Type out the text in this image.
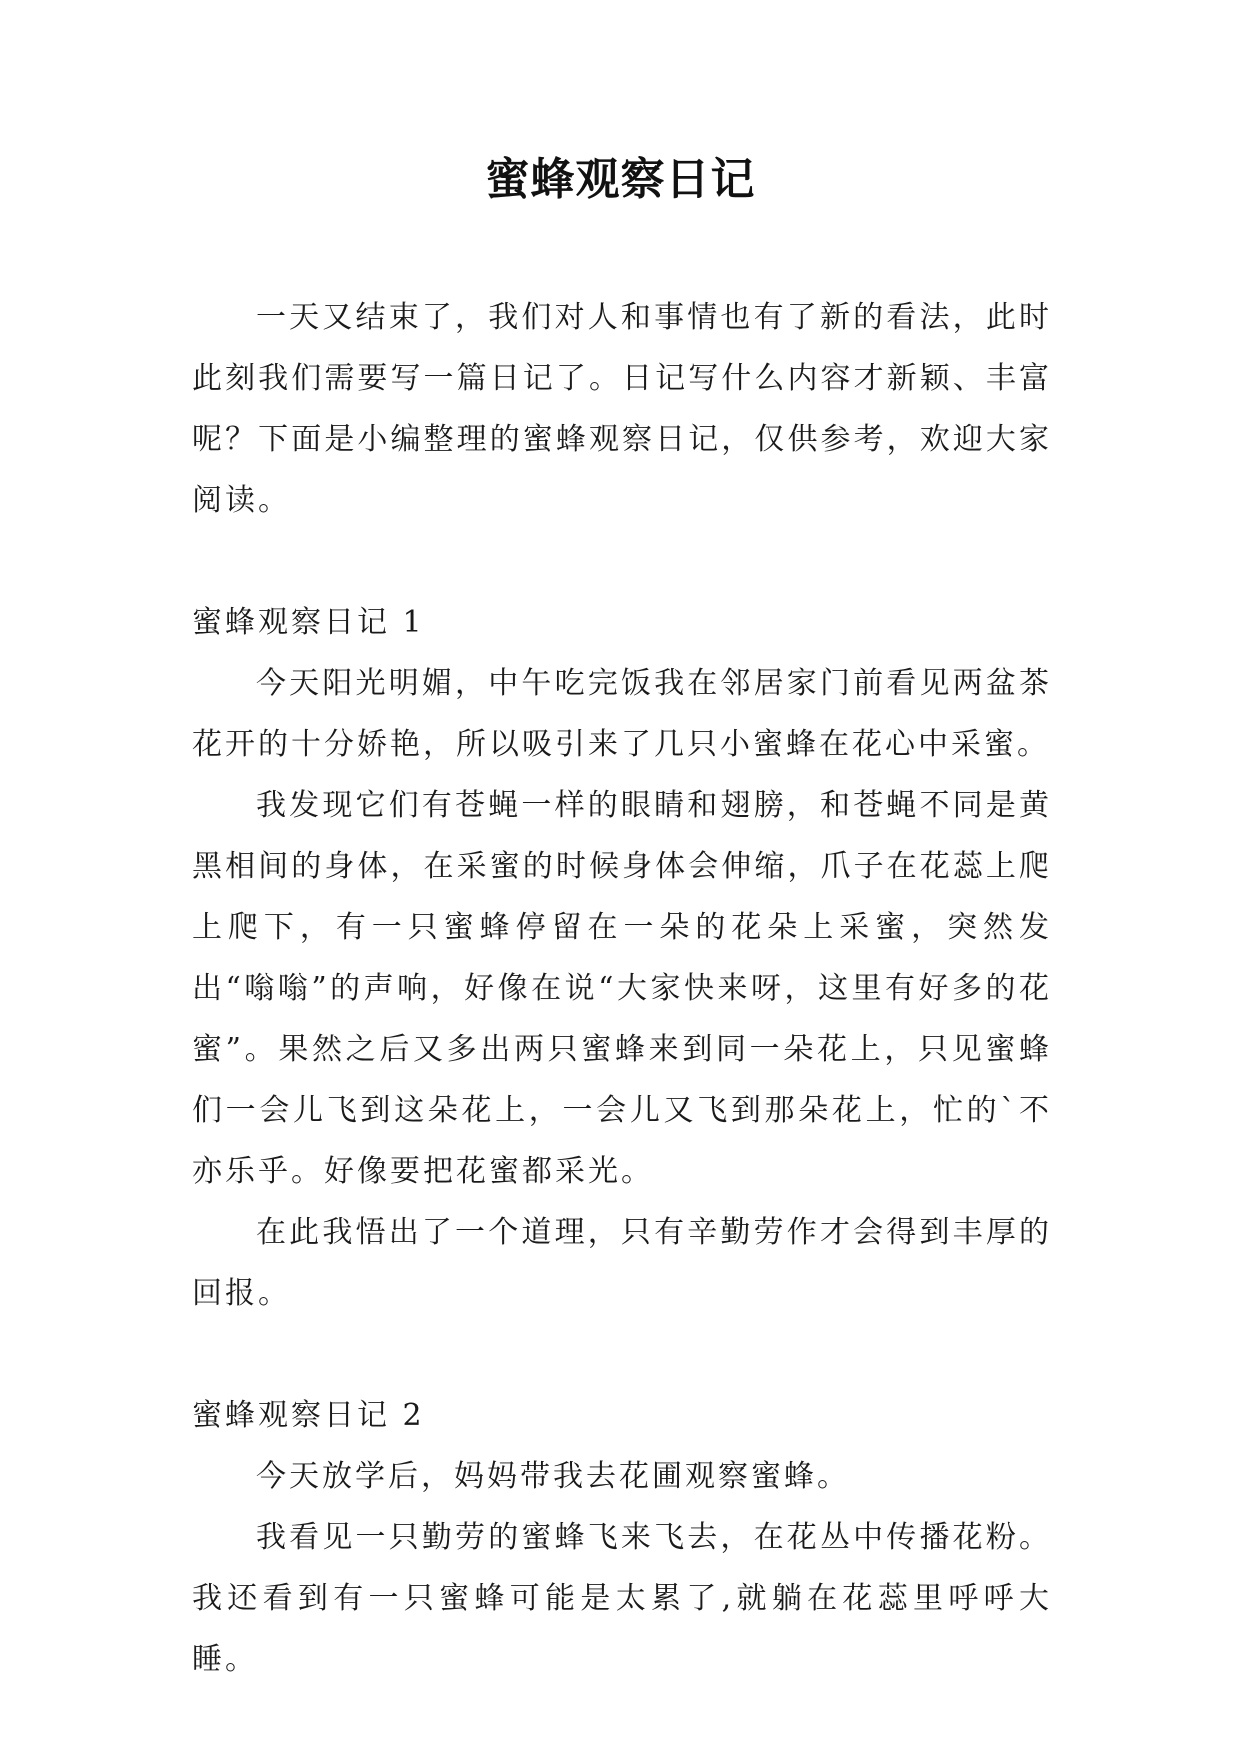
蜜蜂观察日记

一天又结束了，我们对人和事情也有了新的看法，此时此刻我们需要写一篇日记了。日记写什么内容才新颖、丰富呢？下面是小编整理的蜜蜂观察日记，仅供参考，欢迎大家阅读。

蜜蜂观察日记 1

今天阳光明媚，中午吃完饭我在邻居家门前看见两盆茶花开的十分娇艳，所以吸引来了几只小蜜蜂在花心中采蜜。

我发现它们有苍蝇一样的眼睛和翅膀，和苍蝇不同是黄黑相间的身体，在采蜜的时候身体会伸缩，爪子在花蕊上爬上爬下，有一只蜜蜂停留在一朵的花朵上采蜜，突然发出“嗡嗡”的声响，好像在说“大家快来呀，这里有好多的花蜜”。果然之后又多出两只蜜蜂来到同一朵花上，只见蜜蜂们一会儿飞到这朵花上，一会儿又飞到那朵花上，忙的`不亦乐乎。好像要把花蜜都采光。

在此我悟出了一个道理，只有辛勤劳作才会得到丰厚的回报。

蜜蜂观察日记 2

今天放学后，妈妈带我去花圃观察蜜蜂。

我看见一只勤劳的蜜蜂飞来飞去，在花丛中传播花粉。我还看到有一只蜜蜂可能是太累了,就躺在花蕊里呼呼大睡。
